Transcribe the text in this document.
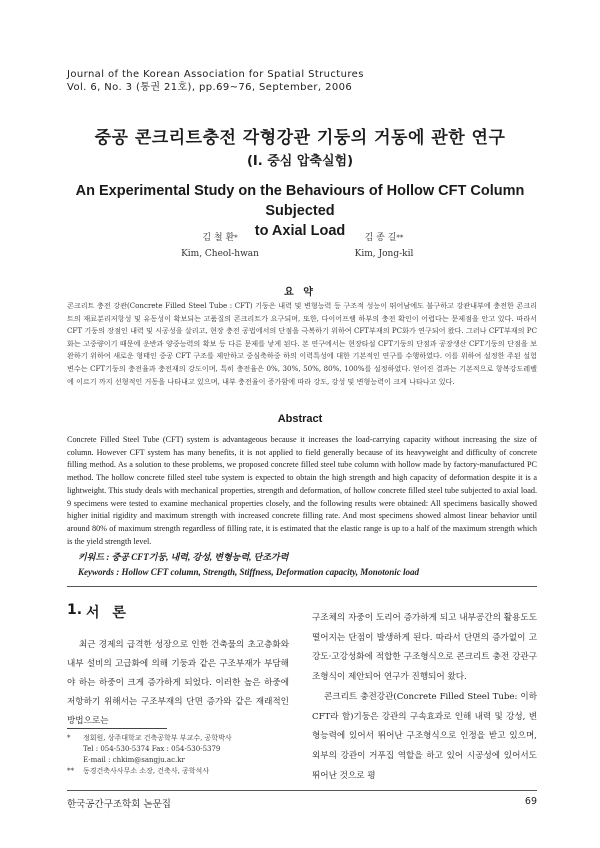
Journal of the Korean Association for Spatial Structures
Vol. 6, No. 3 (통권 21호), pp.69~76, September, 2006
중공 콘크리트충전 각형강관 기둥의 거동에 관한 연구
(I. 중심 압축실험)
An Experimental Study on the Behaviours of Hollow CFT Column Subjected
to Axial Load
김 철 환*
Kim, Cheol-hwan
김 종 길**
Kim, Jong-kil
요 약
콘크리트 충전 강관(Concrete Filled Steel Tube : CFT) 기둥은 내력 및 변형능력 등 구조적 성능이 뛰어남에도 불구하고 강관내부에 충전한 콘크리트의 재료분리저항성 및 유동성이 확보되는 고품질의 콘크리트가 요구되며, 또한, 다이어프램 하부의 충전 확인이 어렵다는 문제점을 안고 있다. 따라서 CFT 기둥의 장점인 내력 및 시공성을 살리고, 현장 충전 공법에서의 단점을 극복하기 위하여 CFT부재의 PC화가 연구되어 왔다. 그러나 CFT부재의 PC화는 고중량이기 때문에 운반과 양중능력의 확보 등 다른 문제를 낳게 된다. 본 연구에서는 현장타설 CFT기둥의 단점과 공장생산 CFT기둥의 단점을 보완하기 위하여 새로운 형태인 중공 CFT 구조를 제안하고 중심축하중 하의 이력특성에 대한 기본적인 연구를 수행하였다. 이를 위하여 설정한 주된 설험변수는 CFT기둥의 충전율과 충전재의 강도이며, 특히 충전율은 0%, 30%, 50%, 80%, 100%를 설정하였다. 얻어진 결과는 기본적으로 항복강도레벨에 이르기 까지 선형적인 거동을 나타내고 있으며, 내부 충전율이 증가함에 따라 강도, 강성 및 변형능력이 크게 나타나고 있다.
Abstract
Concrete Filled Steel Tube (CFT) system is advantageous because it increases the load-carrying capacity without increasing the size of column. However CFT system has many benefits, it is not applied to field generally because of its heavyweight and difficulty of concrete filling method. As a solution to these problems, we proposed concrete filled steel tube column with hollow made by factory-manufactured PC method. The hollow concrete filled steel tube system is expected to obtain the high strength and high capacity of deformation despite it is a lightweight. This study deals with mechanical properties, strength and deformation, of hollow concrete filled steel tube subjected to axial load. 9 specimens were tested to examine mechanical properties closely, and the following results were obtained: All specimens basically showed higher initial rigidity and maximum strength with increased concrete filling rate. And most specimens showed almost linear behavior until around 80% of maximum strength regardless of filling rate, it is estimated that the elastic range is up to a half of the maximum strength which is the yield strength level.
키워드 : 중공 CFT기둥, 내력, 강성, 변형능력, 단조가력
Keywords : Hollow CFT column, Strength, Stiffness, Deformation capacity, Monotonic load
1. 서 론

최근 경제의 급격한 성장으로 인한 건축물의 초고층화와 내부 설비의 고급화에 의해 기둥과 같은 구조부재가 부담해야 하는 하중이 크게 증가하게 되었다. 이러한 높은 하중에 저항하기 위해서는 구조부재의 단면 증가와 같은 재래적인 방법으로는

구조체의 자중이 도리어 증가하게 되고 내부공간의 활용도도 떨어지는 단점이 발생하게 된다. 따라서 단면의 증가없이 고강도·고강성화에 적합한 구조형식으로 콘크리트 충전 강관구조형식이 제안되어 연구가 진행되어 왔다.

콘크리트 충전강관(Concrete Filled Steel Tube: 이하 CFT라 함)기둥은 강관의 구속효과로 인해 내력 및 강성, 변형능력에 있어서 뛰어난 구조형식으로 인정을 받고 있으며, 외부의 강관이 거푸집 역할을 하고 있어 시공성에 있어서도 뛰어난 것으로 평

* 정회원, 상주대학교 건축공학부 부교수, 공학박사
Tel : 054-530-5374 Fax : 054-530-5379
E-mail : chkim@sangju.ac.kr
** 동경건축사사무소 소장, 건축사, 공학석사
한국공간구조학회 논문집	69
